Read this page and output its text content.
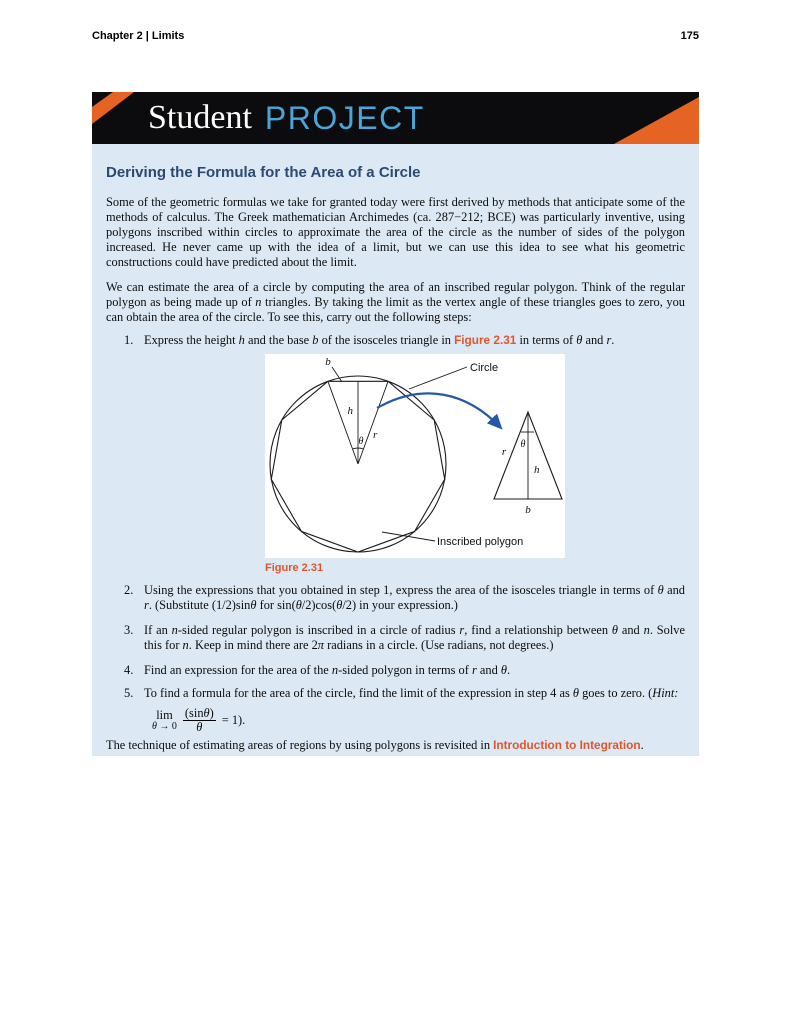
Chapter 2 | Limits	175
Student PROJECT
Deriving the Formula for the Area of a Circle

Some of the geometric formulas we take for granted today were first derived by methods that anticipate some of the methods of calculus. The Greek mathematician Archimedes (ca. 287−212; BCE) was particularly inventive, using polygons inscribed within circles to approximate the area of the circle as the number of sides of the polygon increased. He never came up with the idea of a limit, but we can use this idea to see what his geometric constructions could have predicted about the limit.

We can estimate the area of a circle by computing the area of an inscribed regular polygon. Think of the regular polygon as being made up of n triangles. By taking the limit as the vertex angle of these triangles goes to zero, you can obtain the area of the circle. To see this, carry out the following steps:

1. Express the height h and the base b of the isosceles triangle in Figure 2.31 in terms of θ and r.
b	Circle
h
θ
r
Inscribed polygon
θ
r
h
b
Figure 2.31
2. Using the expressions that you obtained in step 1, express the area of the isosceles triangle in terms of θ and r. (Substitute (1/2)sinθ for sin(θ/2)cos(θ/2) in your expression.)
3. If an n-sided regular polygon is inscribed in a circle of radius r, find a relationship between θ and n. Solve this for n. Keep in mind there are 2π radians in a circle. (Use radians, not degrees.)
4. Find an expression for the area of the n-sided polygon in terms of r and θ.
5. To find a formula for the area of the circle, find the limit of the expression in step 4 as θ goes to zero. (Hint:
lim
$\theta \to 0 \frac{(\sin\theta)}{\theta} = 1$).

The technique of estimating areas of regions by using polygons is revisited in Introduction to Integration.
